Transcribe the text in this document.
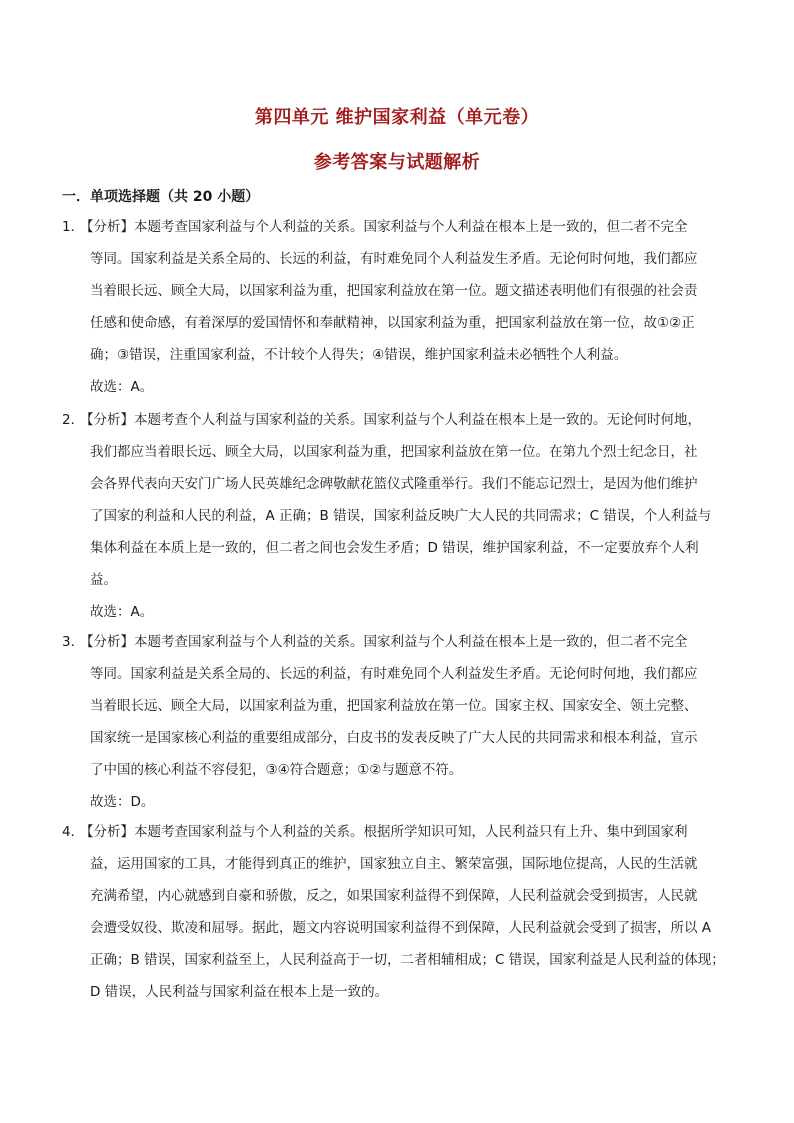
第四单元 维护国家利益（单元卷）
参考答案与试题解析
一．单项选择题（共 20 小题）
1．
【分析】本题考查国家利益与个人利益的关系。国家利益与个人利益在根本上是一致的，但二者不完全
等同。国家利益是关系全局的、长远的利益，有时难免同个人利益发生矛盾。无论何时何地，我们都应
当着眼长远、顾全大局，以国家利益为重，把国家利益放在第一位。题文描述表明他们有很强的社会责
任感和使命感，有着深厚的爱国情怀和奉献精神，以国家利益为重，把国家利益放在第一位，故①②正
确；③错误，注重国家利益，不计较个人得失；④错误，维护国家利益未必牺牲个人利益。
故选：A。
2．
【分析】本题考查个人利益与国家利益的关系。国家利益与个人利益在根本上是一致的。无论何时何地，
我们都应当着眼长远、顾全大局，以国家利益为重，把国家利益放在第一位。在第九个烈士纪念日，社
会各界代表向天安门广场人民英雄纪念碑敬献花篮仪式隆重举行。我们不能忘记烈士，是因为他们维护
了国家的利益和人民的利益，A 正确；B 错误，国家利益反映广大人民的共同需求；C 错误，个人利益与
集体利益在本质上是一致的，但二者之间也会发生矛盾；D 错误，维护国家利益，不一定要放弃个人利
益。
故选：A。
3．
【分析】本题考查国家利益与个人利益的关系。国家利益与个人利益在根本上是一致的，但二者不完全
等同。国家利益是关系全局的、长远的利益，有时难免同个人利益发生矛盾。无论何时何地，我们都应
当着眼长远、顾全大局，以国家利益为重，把国家利益放在第一位。国家主权、国家安全、领土完整、
国家统一是国家核心利益的重要组成部分，白皮书的发表反映了广大人民的共同需求和根本利益，宣示
了中国的核心利益不容侵犯，③④符合题意；①②与题意不符。
故选：D。
4．
【分析】本题考查国家利益与个人利益的关系。根据所学知识可知，人民利益只有上升、集中到国家利
益，运用国家的工具，才能得到真正的维护，国家独立自主、繁荣富强，国际地位提高，人民的生活就
充满希望，内心就感到自豪和骄傲，反之，如果国家利益得不到保障，人民利益就会受到损害，人民就
会遭受奴役、欺凌和屈辱。据此，题文内容说明国家利益得不到保障，人民利益就会受到了损害，所以 A
正确；B 错误，国家利益至上，人民利益高于一切，二者相辅相成；C 错误，国家利益是人民利益的体现；
D 错误，人民利益与国家利益在根本上是一致的。
